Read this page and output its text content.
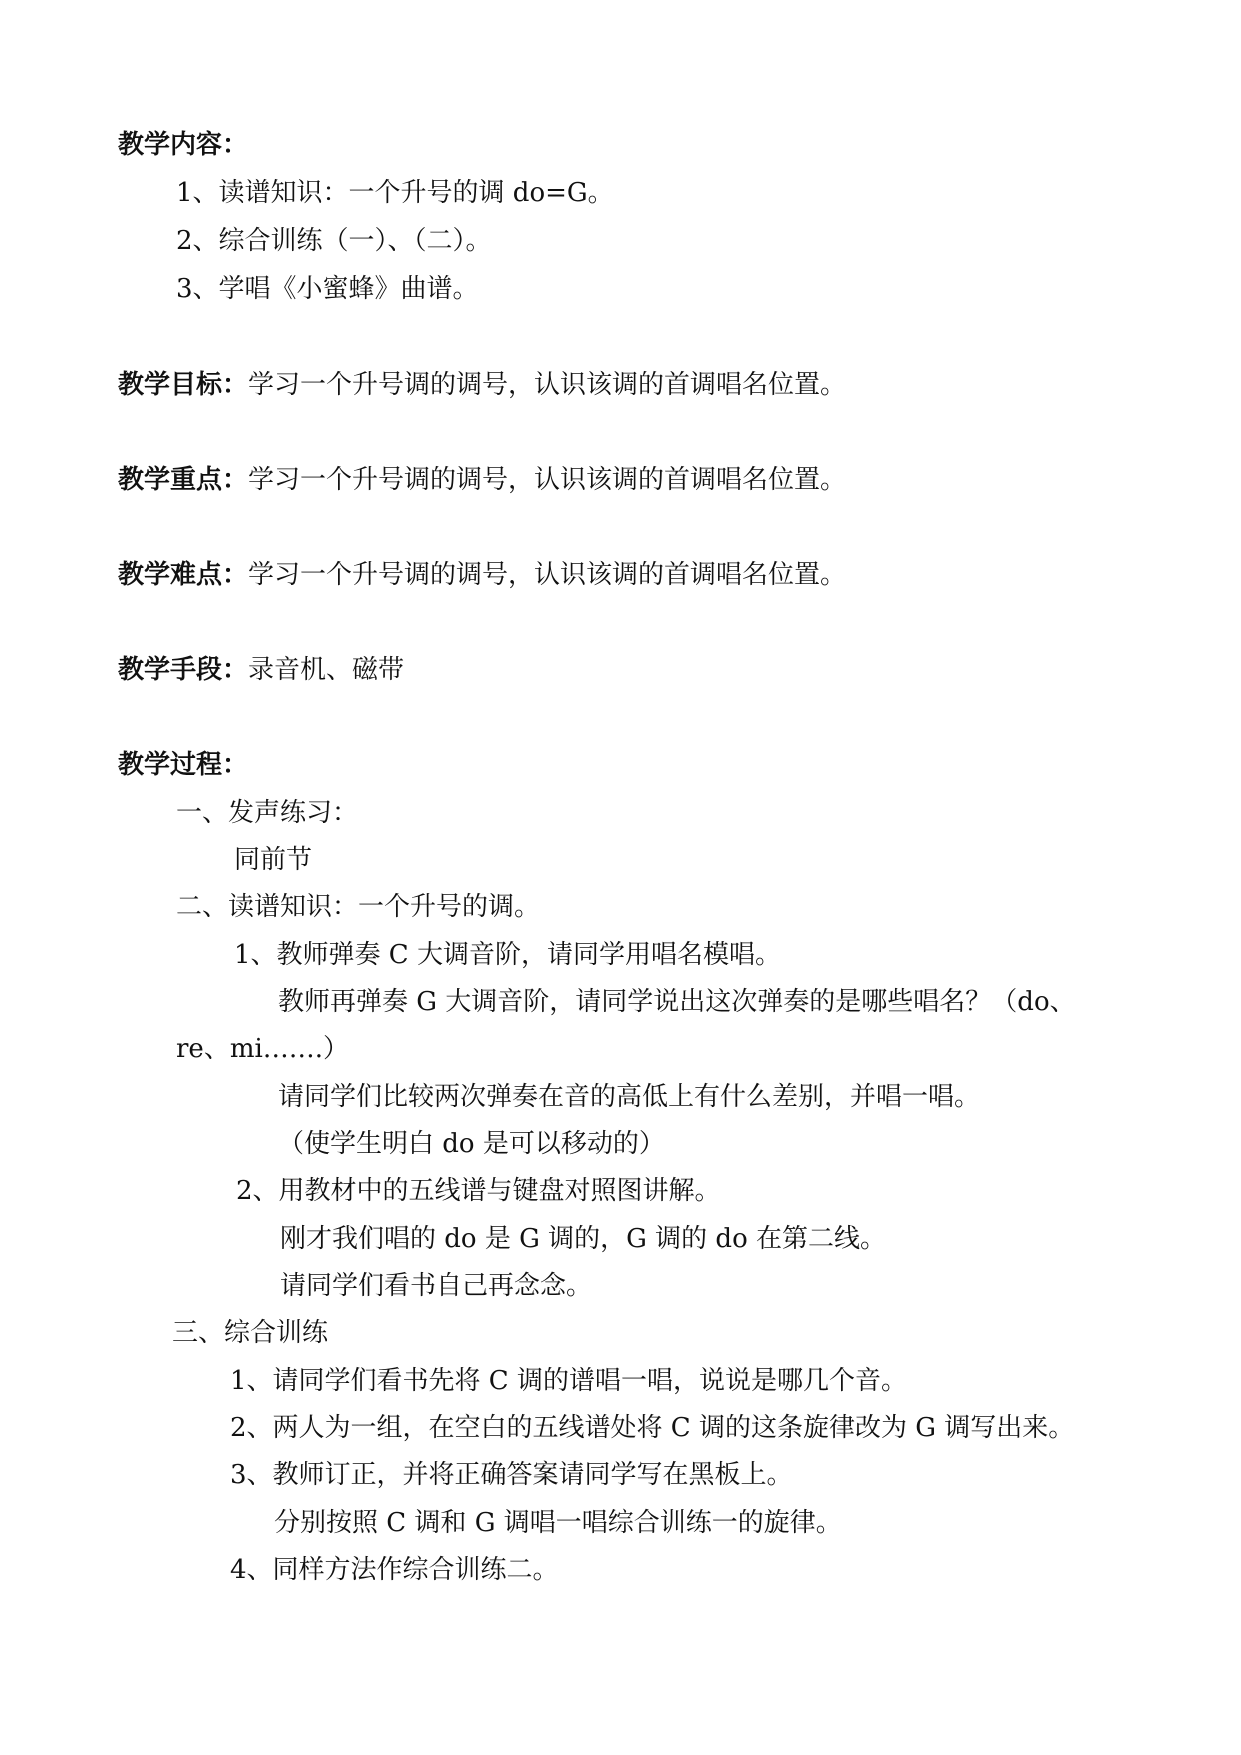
教学内容：
1、读谱知识：一个升号的调 do=G。
2、综合训练（一）、（二）。
3、学唱《小蜜蜂》曲谱。
教学目标：学习一个升号调的调号，认识该调的首调唱名位置。
教学重点：学习一个升号调的调号，认识该调的首调唱名位置。
教学难点：学习一个升号调的调号，认识该调的首调唱名位置。
教学手段：录音机、磁带
教学过程：
一、发声练习：
同前节
二、读谱知识：一个升号的调。
1、教师弹奏 C 大调音阶，请同学用唱名模唱。
教师再弹奏 G 大调音阶，请同学说出这次弹奏的是哪些唱名？（do、
re、mi…….）
请同学们比较两次弹奏在音的高低上有什么差别，并唱一唱。
（使学生明白 do 是可以移动的）
2、用教材中的五线谱与键盘对照图讲解。
刚才我们唱的 do 是 G 调的，G 调的 do 在第二线。
请同学们看书自己再念念。
三、综合训练
1、请同学们看书先将 C 调的谱唱一唱，说说是哪几个音。
2、两人为一组，在空白的五线谱处将 C 调的这条旋律改为 G 调写出来。
3、教师订正，并将正确答案请同学写在黑板上。
分别按照 C 调和 G 调唱一唱综合训练一的旋律。
4、同样方法作综合训练二。
